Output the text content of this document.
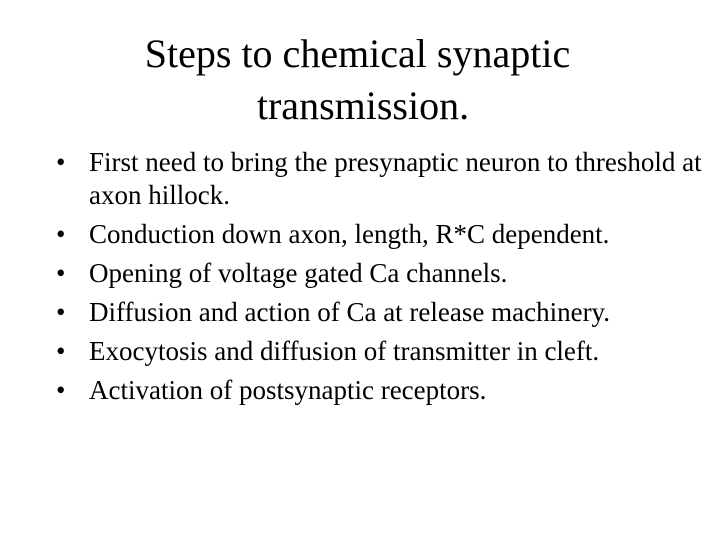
Steps to chemical synaptic
transmission.
• First need to bring the presynaptic neuron to threshold at axon hillock.
• Conduction down axon, length, R*C dependent.
• Opening of voltage gated Ca channels.
• Diffusion and action of Ca at release machinery.
• Exocytosis and diffusion of transmitter in cleft.
• Activation of postsynaptic receptors.
